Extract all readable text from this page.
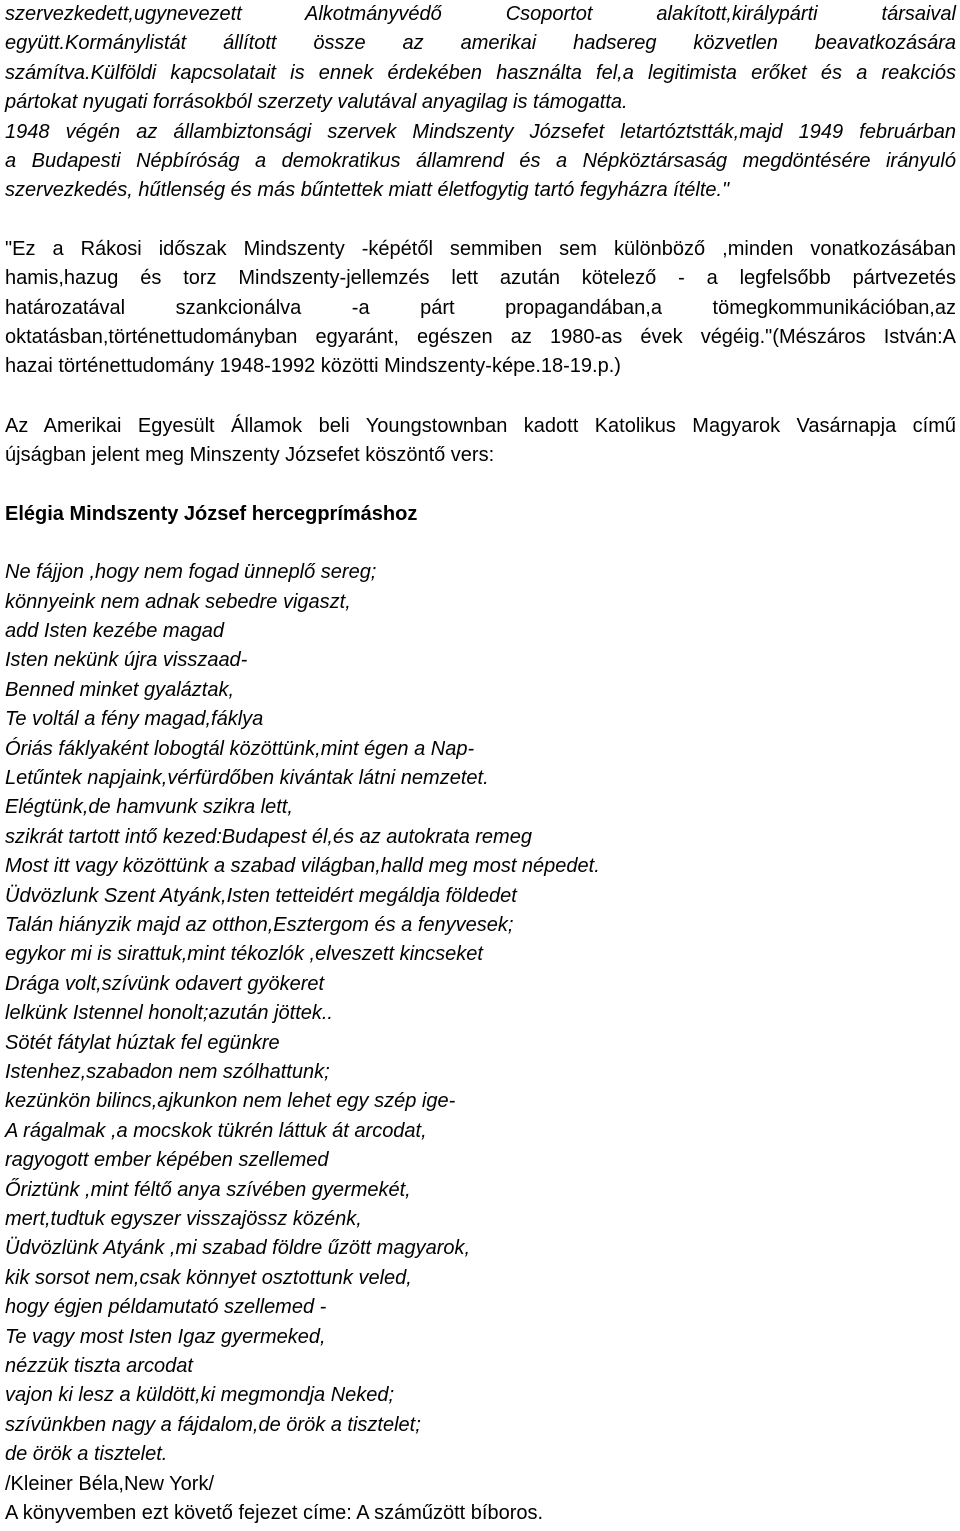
szervezkedett,ugynevezett Alkotmányvédő Csoportot alakított,királypárti társaival
együtt.Kormánylistát állított össze az amerikai hadsereg közvetlen beavatkozására
számítva.Külföldi kapcsolatait is ennek érdekében használta fel,a legitimista erőket és a reakciós
pártokat nyugati forrásokból szerzety valutával anyagilag is támogatta.
1948 végén az állambiztonsági szervek Mindszenty Józsefet letartóztstták,majd 1949 februárban
a Budapesti Népbíróság a demokratikus államrend és a Népköztársaság megdöntésére irányuló
szervezkedés, hűtlenség és más bűntettek miatt életfogytig tartó fegyházra ítélte."
"Ez a Rákosi időszak Mindszenty -képétől semmiben sem különböző ,minden vonatkozásában
hamis,hazug és torz Mindszenty-jellemzés lett azután kötelező - a legfelsőbb pártvezetés
határozatával szankcionálva -a párt propagandában,a tömegkommunikációban,az
oktatásban,történettudományban egyaránt, egészen az 1980-as évek végéig."(Mészáros István:A
hazai történettudomány 1948-1992 közötti Mindszenty-képe.18-19.p.)
Az Amerikai Egyesült Államok beli Youngstownban kadott Katolikus Magyarok Vasárnapja című
újságban jelent meg Minszenty Józsefet köszöntő vers:
Elégia Mindszenty József hercegprímáshoz
Ne fájjon ,hogy nem fogad ünneplő sereg;
könnyeink nem adnak sebedre vigaszt,
add Isten kezébe magad
Isten nekünk újra visszaad-
Benned minket gyaláztak,
Te voltál a fény magad,fáklya
Óriás fáklyaként lobogtál közöttünk,mint égen a Nap-
Letűntek napjaink,vérfürdőben kivántak látni nemzetet.
Elégtünk,de hamvunk szikra lett,
szikrát tartott intő kezed:Budapest él,és az autokrata remeg
Most itt vagy közöttünk a szabad világban,halld meg most népedet.
Üdvözlunk Szent Atyánk,Isten tetteidért megáldja földedet
Talán hiányzik majd az otthon,Esztergom és a fenyvesek;
egykor mi is sirattuk,mint tékozlók ,elveszett kincseket
Drága volt,szívünk odavert gyökeret
lelkünk Istennel honolt;azután jöttek..
Sötét fátylat húztak fel egünkre
Istenhez,szabadon nem szólhattunk;
kezünkön bilincs,ajkunkon nem lehet egy szép ige-
A rágalmak ,a mocskok tükrén láttuk át arcodat,
ragyogott ember képében szellemed
Őriztünk ,mint féltő anya szívében gyermekét,
mert,tudtuk egyszer visszajössz közénk,
Üdvözlünk Atyánk ,mi szabad földre űzött magyarok,
kik sorsot nem,csak könnyet osztottunk veled,
hogy égjen példamutató szellemed -
Te vagy most Isten Igaz gyermeked,
nézzük tiszta arcodat
vajon ki lesz a küldött,ki megmondja Neked;
szívünkben nagy a fájdalom,de örök a tisztelet;
de örök a tisztelet.
/Kleiner Béla,New York/
A könyvemben ezt követő fejezet címe: A száműzött bíboros.
